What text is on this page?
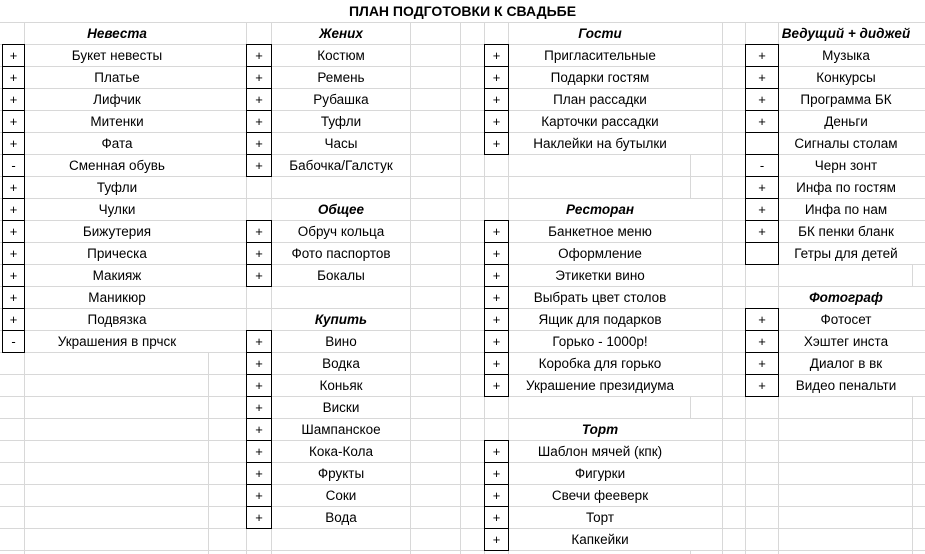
ПЛАН ПОДГОТОВКИ К СВАДЬБЕ
Невеста
+	Букет невесты
+	Платье
+	Лифчик
+	Митенки
+	Фата
-	Сменная обувь
+	Туфли
+	Чулки
+	Бижутерия
+	Прическа
+	Макияж
+	Маникюр
+	Подвязка
-	Украшения в прчск
Жених
+	Костюм
+	Ремень
+	Рубашка
+	Туфли
+	Часы
+	Бабочка/Галстук
Общее
+	Обруч кольца
+	Фото паспортов
+	Бокалы
Купить
+	Вино
+	Водка
+	Коньяк
+	Виски
+	Шампанское
+	Кока-Кола
+	Фрукты
+	Соки
+	Вода
Гости
+	Пригласительные
+	Подарки гостям
+	План рассадки
+	Карточки рассадки
+	Наклейки на бутылки
Ресторан
+	Банкетное меню
+	Оформление
+	Этикетки вино
+	Выбрать цвет столов
+	Ящик для подарков
+	Горько - 1000р!
+	Коробка для горько
+	Украшение президиума
Торт
+	Шаблон мячей (кпк)
+	Фигурки
+	Свечи фееверк
+	Торт
+	Капкейки
Ведущий + диджей
+	Музыка
+	Конкурсы
+	Программа БК
+	Деньги
Сигналы столам
-	Черн зонт
+	Инфа по гостям
+	Инфа по нам
+	БК пенки бланк
Гетры для детей
Фотограф
+	Фотосет
+	Хэштег инста
+	Диалог в вк
+	Видео пенальти
